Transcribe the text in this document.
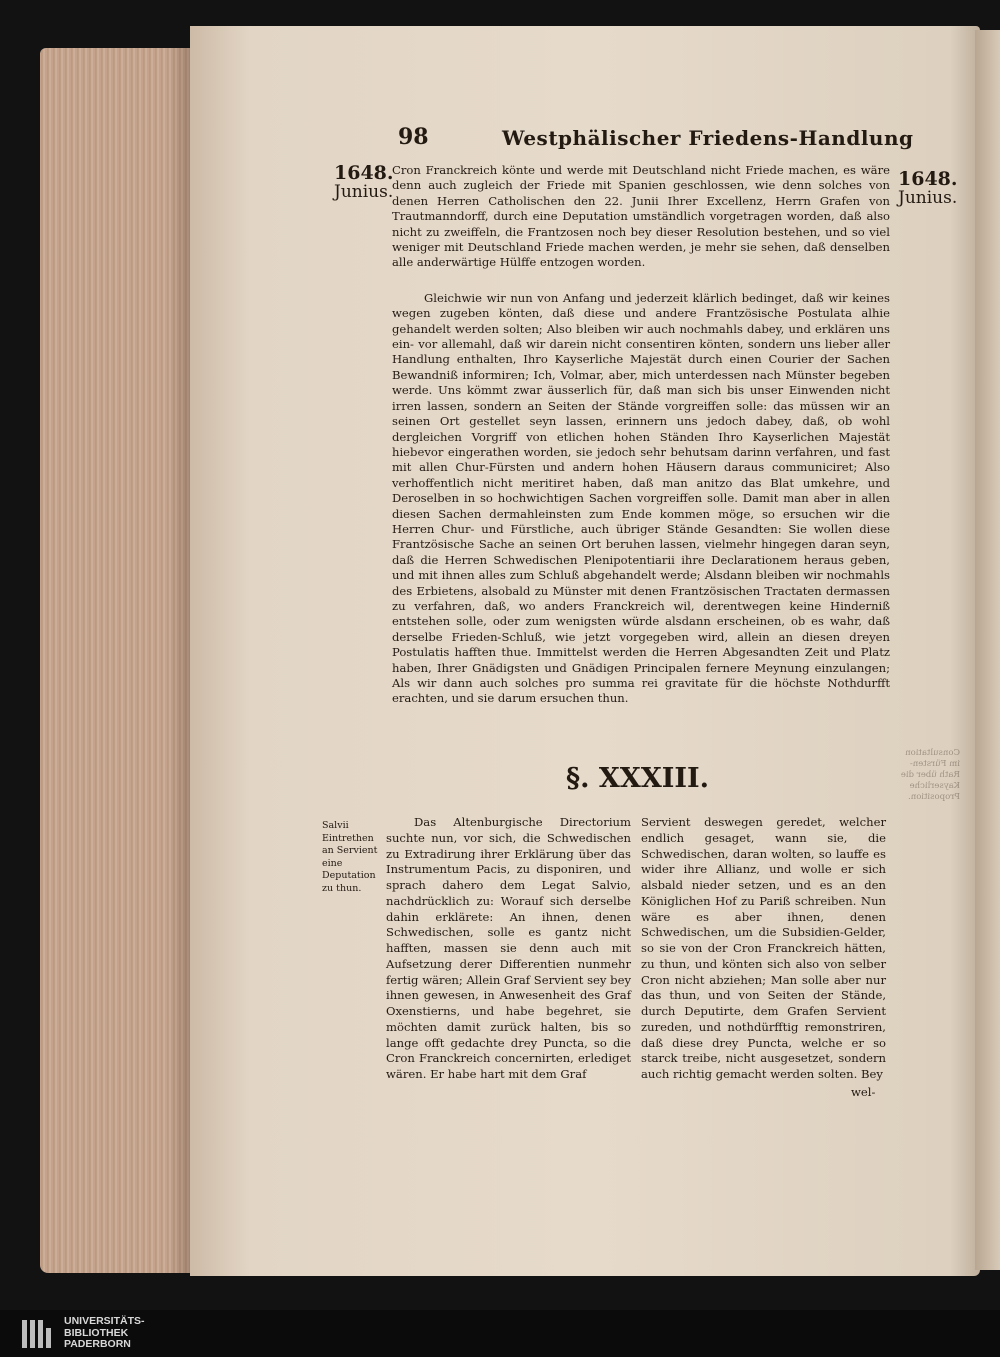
Consultation im Fürsten-Rath über die Kayserliche Proposition.
98	Westphälischer Friedens-Handlung
1648.
Junius.
1648.
Junius.

Cron Franckreich könte und werde mit Deutschland nicht Friede machen, es wäre denn auch zugleich der Friede mit Spanien geschlossen, wie denn solches von denen Herren Catholischen den 22. Junii Ihrer Excellenz, Herrn Grafen von Trautmanndorff, durch eine Deputation umständlich vorgetragen worden, daß also nicht zu zweiffeln, die Frantzosen noch bey dieser Resolution bestehen, und so viel weniger mit Deutschland Friede machen werden, je mehr sie sehen, daß denselben alle anderwärtige Hülffe entzogen worden.

Gleichwie wir nun von Anfang und jederzeit klärlich bedinget, daß wir keines wegen zugeben könten, daß diese und andere Frantzösische Postulata alhie gehandelt werden solten; Also bleiben wir auch nochmahls dabey, und erklären uns ein- vor allemahl, daß wir darein nicht consentiren könten, sondern uns lieber aller Handlung enthalten, Ihro Kayserliche Majestät durch einen Courier der Sachen Bewandniß informiren; Ich, Volmar, aber, mich unterdessen nach Münster begeben werde. Uns kömmt zwar äusserlich für, daß man sich bis unser Einwenden nicht irren lassen, sondern an Seiten der Stände vorgreiffen solle: das müssen wir an seinen Ort gestellet seyn lassen, erinnern uns jedoch dabey, daß, ob wohl dergleichen Vorgriff von etlichen hohen Ständen Ihro Kayserlichen Majestät hiebevor eingerathen worden, sie jedoch sehr behutsam darinn verfahren, und fast mit allen Chur-Fürsten und andern hohen Häusern daraus communiciret; Also verhoffentlich nicht meritiret haben, daß man anitzo das Blat umkehre, und Deroselben in so hochwichtigen Sachen vorgreiffen solle. Damit man aber in allen diesen Sachen dermahleinsten zum Ende kommen möge, so ersuchen wir die Herren Chur- und Fürstliche, auch übriger Stände Gesandten: Sie wollen diese Frantzösische Sache an seinen Ort beruhen lassen, vielmehr hingegen daran seyn, daß die Herren Schwedischen Plenipotentiarii ihre Declarationem heraus geben, und mit ihnen alles zum Schluß abgehandelt werde; Alsdann bleiben wir nochmahls des Erbietens, alsobald zu Münster mit denen Frantzösischen Tractaten dermassen zu verfahren, daß, wo anders Franckreich wil, derentwegen keine Hinderniß entstehen solle, oder zum wenigsten würde alsdann erscheinen, ob es wahr, daß derselbe Frieden-Schluß, wie jetzt vorgegeben wird, allein an diesen dreyen Postulatis hafften thue. Immittelst werden die Herren Abgesandten Zeit und Platz haben, Ihrer Gnädigsten und Gnädigen Principalen fernere Meynung einzulangen; Als wir dann auch solches pro summa rei gravitate für die höchste Nothdurfft erachten, und sie darum ersuchen thun.

§. XXXIII.
Salvii Eintrethen an Servient eine Deputation zu thun.

Das Altenburgische Directorium suchte nun, vor sich, die Schwedischen zu Extradirung ihrer Erklärung über das Instrumentum Pacis, zu disponiren, und sprach dahero dem Legat Salvio, nachdrücklich zu: Worauf sich derselbe dahin erklärete: An ihnen, denen Schwedischen, solle es gantz nicht hafften, massen sie denn auch mit Aufsetzung derer Differentien nunmehr fertig wären; Allein Graf Servient sey bey ihnen gewesen, in Anwesenheit des Graf Oxenstierns, und habe begehret, sie möchten damit zurück halten, bis so lange offt gedachte drey Puncta, so die Cron Franckreich concernirten, erlediget wären. Er habe hart mit dem Graf

Servient deswegen geredet, welcher endlich gesaget, wann sie, die Schwedischen, daran wolten, so lauffe es wider ihre Allianz, und wolle er sich alsbald nieder setzen, und es an den Königlichen Hof zu Pariß schreiben. Nun wäre es aber ihnen, denen Schwedischen, um die Subsidien-Gelder, so sie von der Cron Franckreich hätten, zu thun, und könten sich also von selber Cron nicht abziehen; Man solle aber nur das thun, und von Seiten der Stände, durch Deputirte, dem Grafen Servient zureden, und nothdürfftig remonstriren, daß diese drey Puncta, welche er so starck treibe, nicht ausgesetzet, sondern auch richtig gemacht werden solten. Bey

wel-
UNIVERSITÄTS-
BIBLIOTHEK
PADERBORN
